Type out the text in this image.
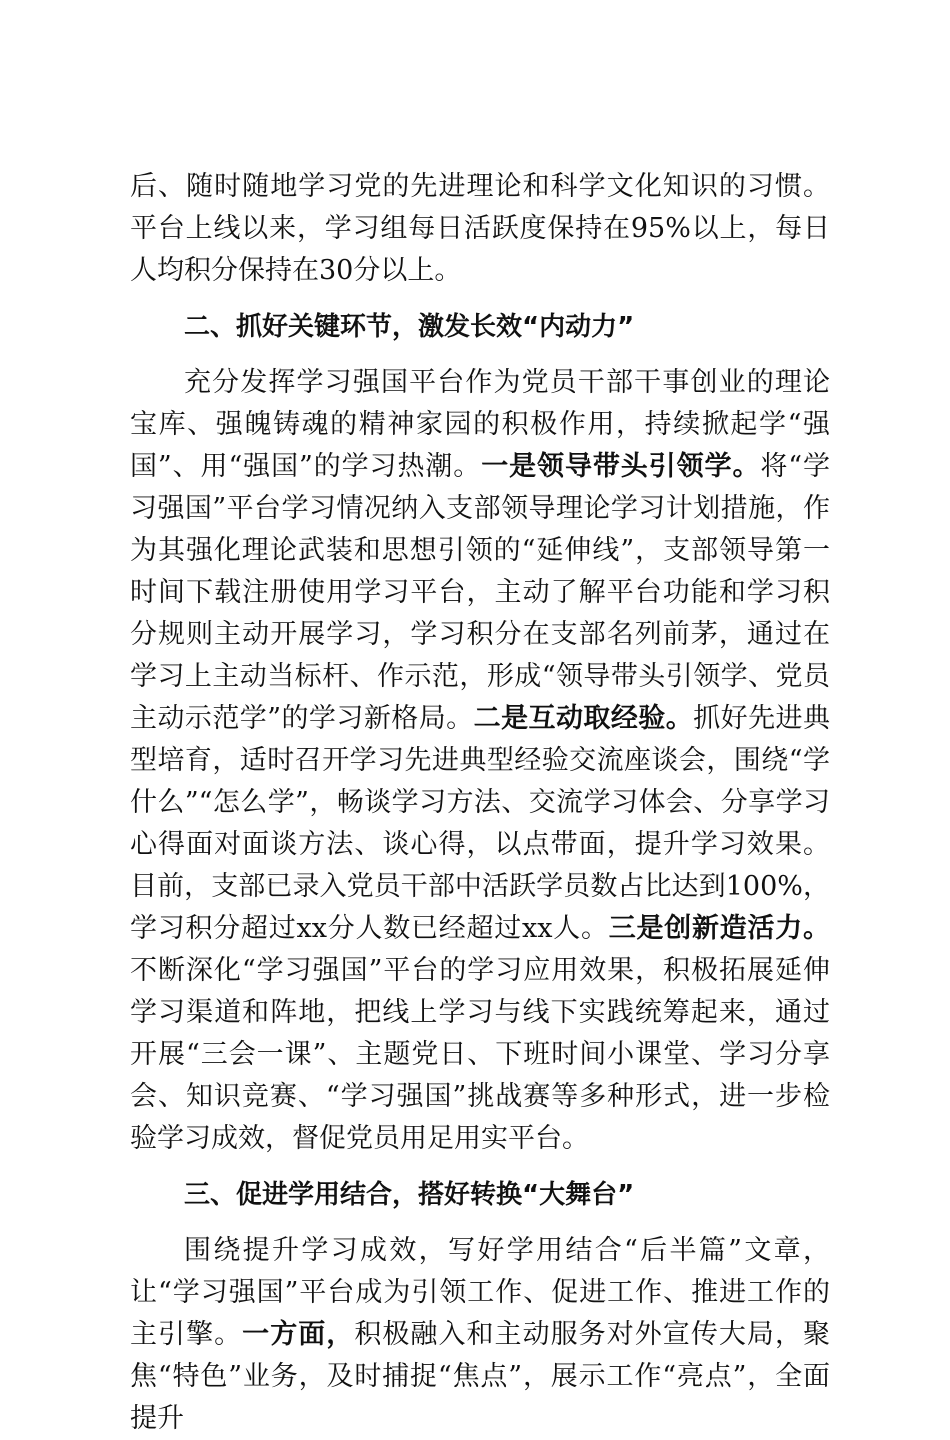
后、随时随地学习党的先进理论和科学文化知识的习惯。平台上线以来，学习组每日活跃度保持在95%以上，每日人均积分保持在30分以上。

二、抓好关键环节，激发长效“内动力”

充分发挥学习强国平台作为党员干部干事创业的理论宝库、强魄铸魂的精神家园的积极作用，持续掀起学“强国”、用“强国”的学习热潮。一是领导带头引领学。将“学习强国”平台学习情况纳入支部领导理论学习计划措施，作为其强化理论武装和思想引领的“延伸线”，支部领导第一时间下载注册使用学习平台，主动了解平台功能和学习积分规则主动开展学习，学习积分在支部名列前茅，通过在学习上主动当标杆、作示范，形成“领导带头引领学、党员主动示范学”的学习新格局。二是互动取经验。抓好先进典型培育，适时召开学习先进典型经验交流座谈会，围绕“学什么”“怎么学”，畅谈学习方法、交流学习体会、分享学习心得面对面谈方法、谈心得，以点带面，提升学习效果。目前，支部已录入党员干部中活跃学员数占比达到100%，学习积分超过xx分人数已经超过xx人。三是创新造活力。不断深化“学习强国”平台的学习应用效果，积极拓展延伸学习渠道和阵地，把线上学习与线下实践统筹起来，通过开展“三会一课”、主题党日、下班时间小课堂、学习分享会、知识竞赛、“学习强国”挑战赛等多种形式，进一步检验学习成效，督促党员用足用实平台。

三、促进学用结合，搭好转换“大舞台”

围绕提升学习成效，写好学用结合“后半篇”文章，让“学习强国”平台成为引领工作、促进工作、推进工作的主引擎。一方面，积极融入和主动服务对外宣传大局，聚焦“特色”业务，及时捕捉“焦点”，展示工作“亮点”，全面提升
